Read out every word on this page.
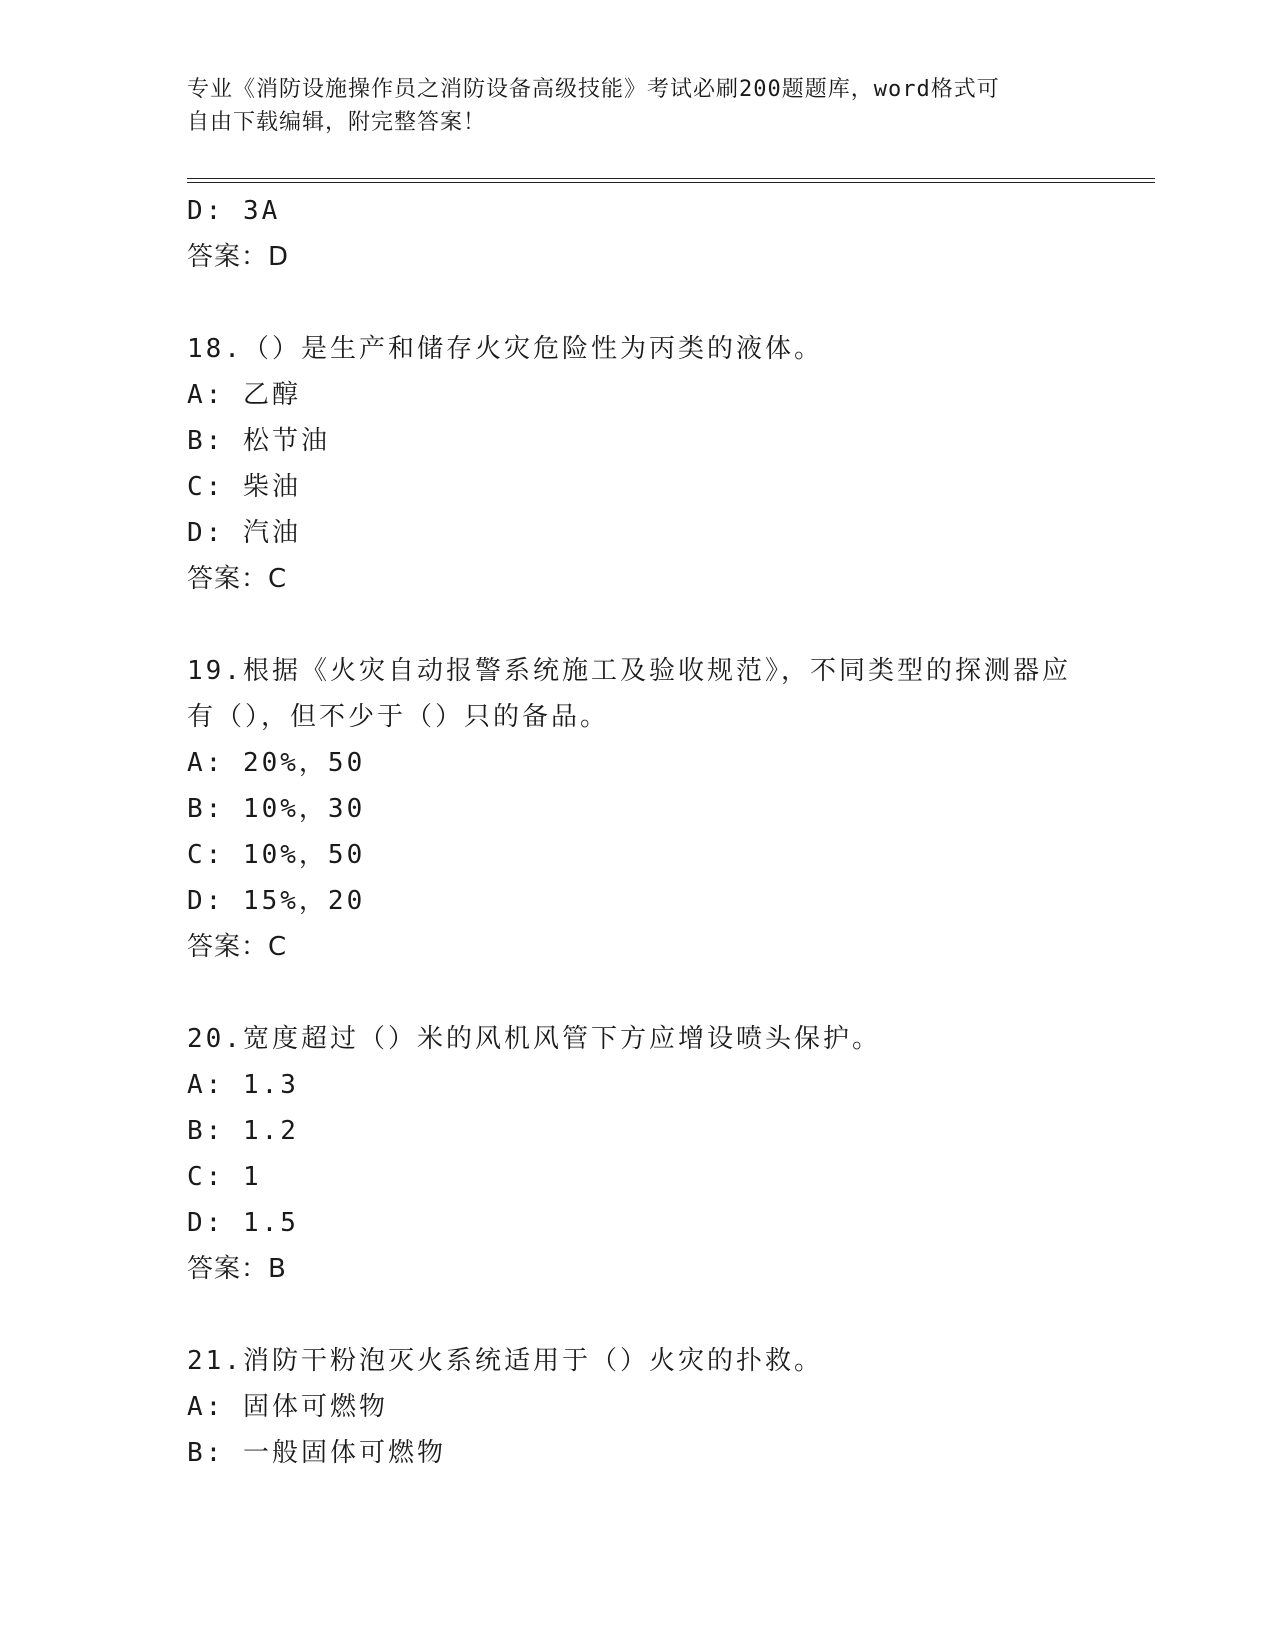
专业《消防设施操作员之消防设备高级技能》考试必刷200题题库，word格式可
自由下载编辑，附完整答案！
D: 3A
答案：D
18.（）是生产和储存火灾危险性为丙类的液体。
A: 乙醇
B: 松节油
C: 柴油
D: 汽油
答案：C
19.根据《火灾自动报警系统施工及验收规范》，不同类型的探测器应
有（），但不少于（）只的备品。
A: 20%，50
B: 10%，30
C: 10%，50
D: 15%，20
答案：C
20.宽度超过（）米的风机风管下方应增设喷头保护。
A: 1.3
B: 1.2
C: 1
D: 1.5
答案：B
21.消防干粉泡灭火系统适用于（）火灾的扑救。
A: 固体可燃物
B: 一般固体可燃物
